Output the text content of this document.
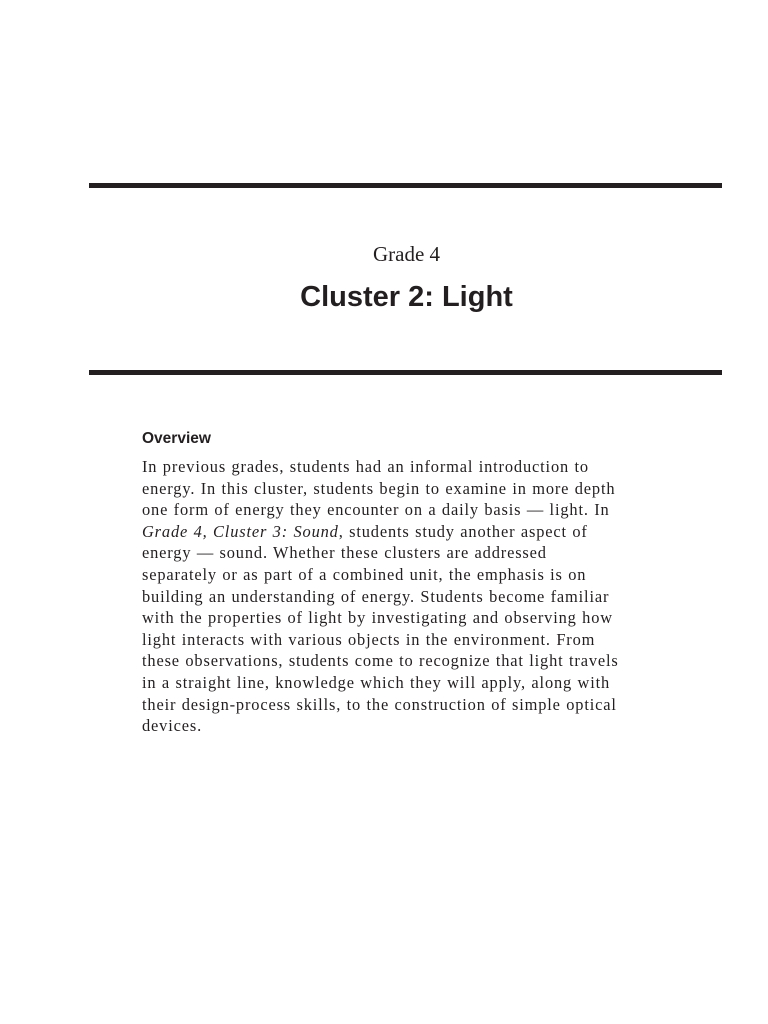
Grade 4
Cluster 2: Light
Overview
In previous grades, students had an informal introduction to
energy. In this cluster, students begin to examine in more depth
one form of energy they encounter on a daily basis — light. In
Grade 4, Cluster 3: Sound, students study another aspect of
energy — sound. Whether these clusters are addressed
separately or as part of a combined unit, the emphasis is on
building an understanding of energy. Students become familiar
with the properties of light by investigating and observing how
light interacts with various objects in the environment. From
these observations, students come to recognize that light travels
in a straight line, knowledge which they will apply, along with
their design-process skills, to the construction of simple optical
devices.
